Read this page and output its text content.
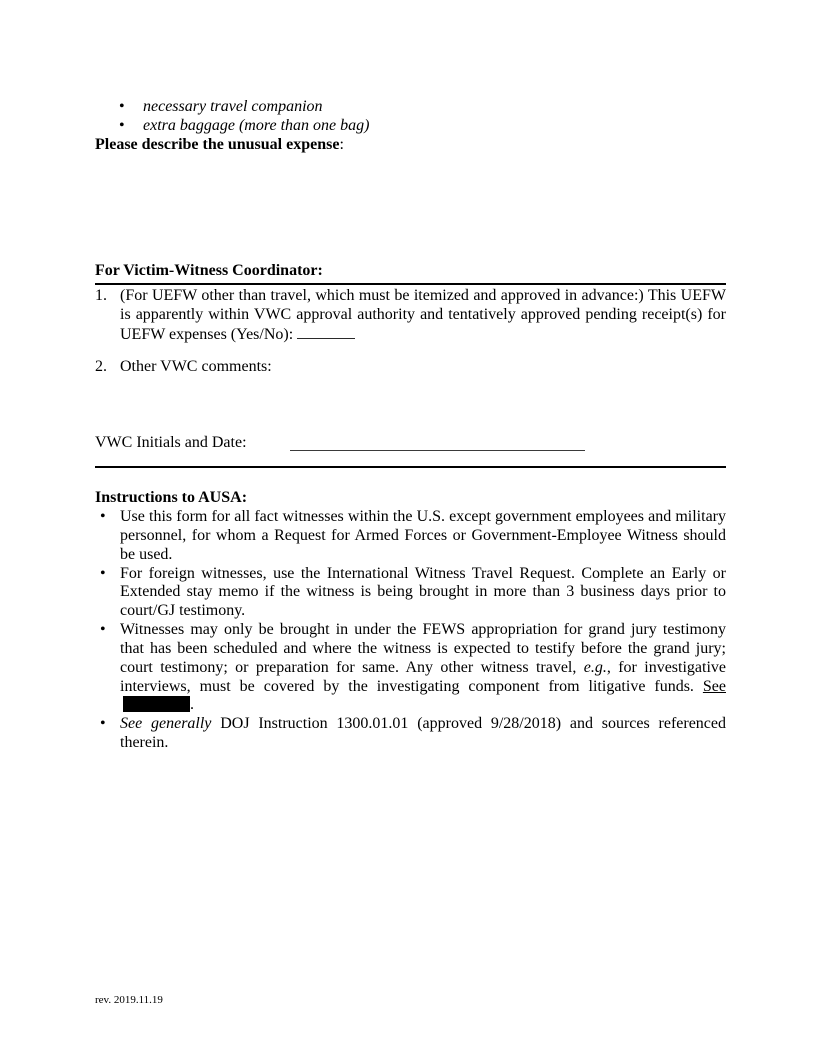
• necessary travel companion
• extra baggage (more than one bag)
Please describe the unusual expense:
For Victim-Witness Coordinator:
1. (For UEFW other than travel, which must be itemized and approved in advance:) This UEFW is apparently within VWC approval authority and tentatively approved pending receipt(s) for UEFW expenses (Yes/No):
2. Other VWC comments:
VWC Initials and Date:
Instructions to AUSA:
• Use this form for all fact witnesses within the U.S. except government employees and military personnel, for whom a Request for Armed Forces or Government-Employee Witness should be used.
• For foreign witnesses, use the International Witness Travel Request. Complete an Early or Extended stay memo if the witness is being brought in more than 3 business days prior to court/GJ testimony.
• Witnesses may only be brought in under the FEWS appropriation for grand jury testimony that has been scheduled and where the witness is expected to testify before the grand jury; court testimony; or preparation for same. Any other witness travel, e.g., for investigative interviews, must be covered by the investigating component from litigative funds. See.
• See generally DOJ Instruction 1300.01.01 (approved 9/28/2018) and sources referenced therein.
rev. 2019.11.19
